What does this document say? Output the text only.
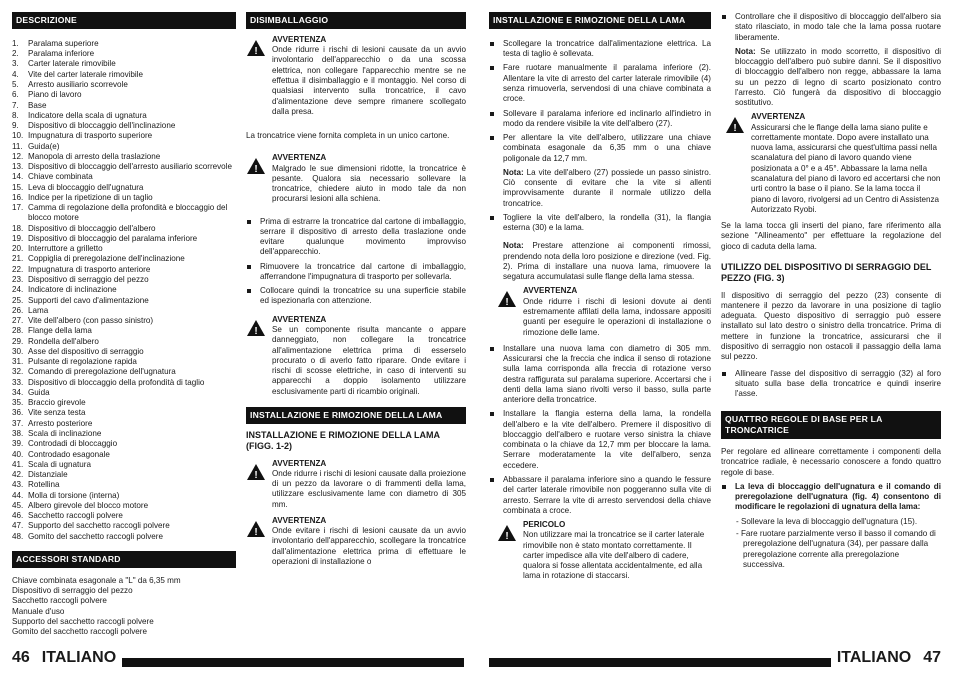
DESCRIZIONE
1. Paralama superiore
2. Paralama inferiore
3. Carter laterale rimovibile
4. Vite del carter laterale rimovibile
5. Arresto ausiliario scorrevole
6. Piano di lavoro
7. Base
8. Indicatore della scala di ugnatura
9. Dispositivo di bloccaggio dell'inclinazione
10. Impugnatura di trasporto superiore
11. Guida(e)
12. Manopola di arresto della traslazione
13. Dispositivo di bloccaggio dell'arresto ausiliario scorrevole
14. Chiave combinata
15. Leva di bloccaggio dell'ugnatura
16. Indice per la ripetizione di un taglio
17. Camma di regolazione della profondità e bloccaggio del blocco motore
18. Dispositivo di bloccaggio dell'albero
19. Dispositivo di bloccaggio del paralama inferiore
20. Interruttore a grilletto
21. Coppiglia di preregolazione dell'inclinazione
22. Impugnatura di trasporto anteriore
23. Dispositivo di serraggio del pezzo
24. Indicatore di inclinazione
25. Supporti del cavo d'alimentazione
26. Lama
27. Vite dell'albero (con passo sinistro)
28. Flange della lama
29. Rondella dell'albero
30. Asse del dispositivo di serraggio
31. Pulsante di regolazione rapida
32. Comando di preregolazione dell'ugnatura
33. Dispositivo di bloccaggio della profondità di taglio
34. Guida
35. Braccio girevole
36. Vite senza testa
37. Arresto posteriore
38. Scala di inclinazione
39. Controdadi di bloccaggio
40. Controdado esagonale
41. Scala di ugnatura
42. Distanziale
43. Rotellina
44. Molla di torsione (interna)
45. Albero girevole del blocco motore
46. Sacchetto raccogli polvere
47. Supporto del sacchetto raccogli polvere
48. Gomito del sacchetto raccogli polvere
ACCESSORI STANDARD
Chiave combinata esagonale a "L" da 6,35 mm
Dispositivo di serraggio del pezzo
Sacchetto raccogli polvere
Manuale d'uso
Supporto del sacchetto raccogli polvere
Gomito del sacchetto raccogli polvere
DISIMBALLAGGIO
!
AVVERTENZA
Onde ridurre i rischi di lesioni causate da un avvio involontario dell'apparecchio o da una scossa elettrica, non collegare l'apparecchio mentre se ne effettua il disimballaggio e il montaggio. Nel corso di qualsiasi intervento sulla troncatrice, il cavo d'alimentazione deve sempre rimanere scollegato dalla presa.

La troncatrice viene fornita completa in un unico cartone.

!
AVVERTENZA
Malgrado le sue dimensioni ridotte, la troncatrice è pesante. Qualora sia necessario sollevare la troncatrice, chiedere aiuto in modo tale da non procurarsi lesioni alla schiena.
Prima di estrarre la troncatrice dal cartone di imballaggio, serrare il dispositivo di arresto della traslazione onde evitare qualunque movimento improvviso dell'apparecchio.
Rimuovere la troncatrice dal cartone di imballaggio, afferrandone l'impugnatura di trasporto per sollevarla.
Collocare quindi la troncatrice su una superficie stabile ed ispezionarla con attenzione.
!
AVVERTENZA
Se un componente risulta mancante o appare danneggiato, non collegare la troncatrice all'alimentazione elettrica prima di esserselo procurato o di averlo fatto riparare. Onde evitare i rischi di scosse elettriche, in caso di interventi su apparecchi a doppio isolamento utilizzare esclusivamente parti di ricambio originali.
INSTALLAZIONE E RIMOZIONE DELLA LAMA
INSTALLAZIONE E RIMOZIONE DELLA LAMA (FIGG. 1-2)
!
AVVERTENZA
Onde ridurre i rischi di lesioni causate dalla proiezione di un pezzo da lavorare o di frammenti della lama, utilizzare esclusivamente lame con diametro di 305 mm.
!
AVVERTENZA
Onde evitare i rischi di lesioni causate da un avvio involontario dell'apparecchio, scollegare la troncatrice dall'alimentazione elettrica prima di effettuare le operazioni di installazione o
46 ITALIANO
INSTALLAZIONE E RIMOZIONE DELLA LAMA
Scollegare la troncatrice dall'alimentazione elettrica. La testa di taglio è sollevata.
Fare ruotare manualmente il paralama inferiore (2). Allentare la vite di arresto del carter laterale rimovibile (4) senza rimuoverla, servendosi di una chiave combinata a croce.
Sollevare il paralama inferiore ed inclinarlo all'indietro in modo da rendere visibile la vite dell'albero (27).
Per allentare la vite dell'albero, utilizzare una chiave combinata esagonale da 6,35 mm o una chiave poligonale da 12,7 mm.

Nota: La vite dell'albero (27) possiede un passo sinistro. Ciò consente di evitare che la vite si allenti improvvisamente durante il normale utilizzo della troncatrice.

Togliere la vite dell'albero, la rondella (31), la flangia esterna (30) e la lama.

Nota: Prestare attenzione ai componenti rimossi, prendendo nota della loro posizione e direzione (ved. Fig. 2). Prima di installare una nuova lama, rimuovere la segatura accumulatasi sulle flange della lama stessa.

!
AVVERTENZA
Onde ridurre i rischi di lesioni dovute ai denti estremamente affilati della lama, indossare appositi guanti per eseguire le operazioni di installazione o rimozione delle lame.
Installare una nuova lama con diametro di 305 mm. Assicurarsi che la freccia che indica il senso di rotazione sulla lama corrisponda alla freccia di rotazione verso destra raffigurata sul paralama superiore. Accertarsi che i denti della lama siano rivolti verso il basso, sulla parte anteriore della troncatrice.
Installare la flangia esterna della lama, la rondella dell'albero e la vite dell'albero. Premere il dispositivo di bloccaggio dell'albero e ruotare verso sinistra la chiave combinata o la chiave da 12,7 mm per bloccare la lama. Serrare moderatamente la vite dell'albero, senza eccedere.
Abbassare il paralama inferiore sino a quando le fessure del carter laterale rimovibile non poggeranno sulla vite di arresto. Serrare la vite di arresto servendosi della chiave combinata a croce.
!
PERICOLO
Non utilizzare mai la troncatrice se il carter laterale rimovibile non è stato montato correttamente. Il carter impedisce alla vite dell'albero di cadere, qualora si fosse allentata accidentalmente, ed alla lama in rotazione di staccarsi.
Controllare che il dispositivo di bloccaggio dell'albero sia stato rilasciato, in modo tale che la lama possa ruotare liberamente.

Nota: Se utilizzato in modo scorretto, il dispositivo di bloccaggio dell'albero può subire danni. Se il dispositivo di bloccaggio dell'albero non regge, abbassare la lama su un pezzo di legno di scarto posizionato contro l'arresto. Ciò fungerà da dispositivo di bloccaggio sostitutivo.

!
AVVERTENZA
Assicurarsi che le flange della lama siano pulite e correttamente montate. Dopo avere installato una nuova lama, assicurarsi che quest'ultima passi nella scanalatura del piano di lavoro quando viene posizionata a 0° e a 45°. Abbassare la lama nella scanalatura del piano di lavoro ed accertarsi che non urti contro la base o il piano. Se la lama tocca il piano di lavoro, rivolgersi ad un Centro di Assistenza Autorizzato Ryobi.

Se la lama tocca gli inserti del piano, fare riferimento alla sezione "Allineamento" per effettuare la regolazione del gioco di caduta della lama.

UTILIZZO DEL DISPOSITIVO DI SERRAGGIO DEL PEZZO (FIG. 3)

Il dispositivo di serraggio del pezzo (23) consente di mantenere il pezzo da lavorare in una posizione di taglio adeguata. Questo dispositivo di serraggio può essere installato sul lato destro o sinistro della troncatrice. Prima di mettere in funzione la troncatrice, assicurarsi che il dispositivo di serraggio non ostacoli il passaggio della lama sul pezzo.

Allineare l'asse del dispositivo di serraggio (32) al foro situato sulla base della troncatrice e quindi inserire l'asse.
QUATTRO REGOLE DI BASE PER LA TRONCATRICE

Per regolare ed allineare correttamente i componenti della troncatrice radiale, è necessario conoscere a fondo quattro regole di base.

La leva di bloccaggio dell'ugnatura e il comando di preregolazione dell'ugnatura (fig. 4) consentono di modificare le regolazioni di ugnatura della lama:
- Sollevare la leva di bloccaggio dell'ugnatura (15).
- Fare ruotare parzialmente verso il basso il comando di preregolazione dell'ugnatura (34), per passare dalla preregolazione corrente alla preregolazione successiva.
ITALIANO 47
